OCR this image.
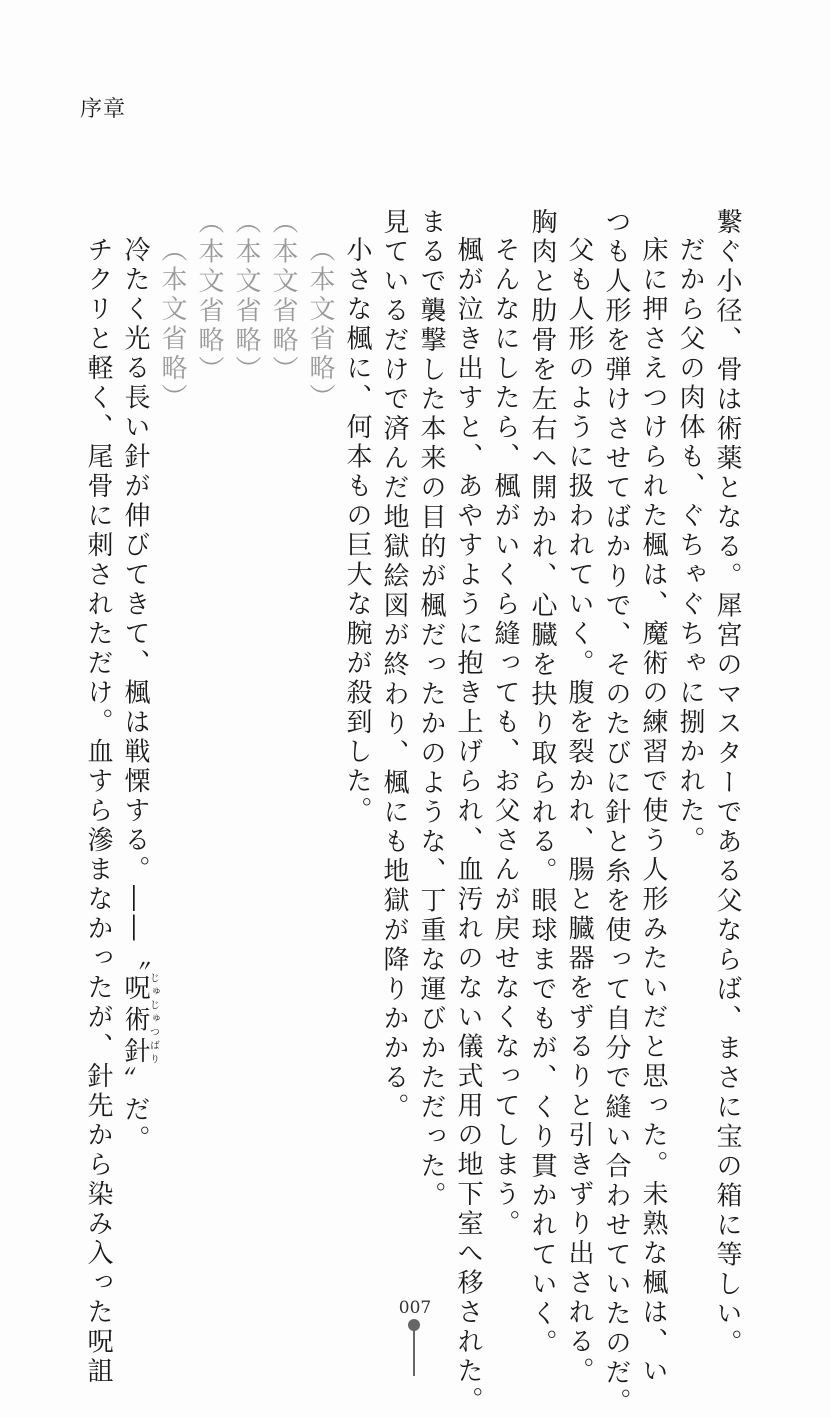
序章
繋ぐ小径、骨は術薬となる。犀宮のマスターである父ならば、まさに宝の箱に等しい。
だから父の肉体も、ぐちゃぐちゃに捌かれた。
床に押さえつけられた楓は、魔術の練習で使う人形みたいだと思った。未熟な楓は、い
つも人形を弾けさせてばかりで、そのたびに針と糸を使って自分で縫い合わせていたのだ。
父も人形のように扱われていく。腹を裂かれ、腸と臓器をずるりと引きずり出される。
胸肉と肋骨を左右へ開かれ、心臓を抉り取られる。眼球までもが、くり貫かれていく。
そんなにしたら、楓がいくら縫っても、お父さんが戻せなくなってしまう。
楓が泣き出すと、あやすように抱き上げられ、血汚れのない儀式用の地下室へ移された。
まるで襲撃した本来の目的が楓だったかのような、丁重な運びかただった。
見ているだけで済んだ地獄絵図が終わり、楓にも地獄が降りかかる。
小さな楓に、何本もの巨大な腕が殺到した。
（本文省略）
（本文省略）
（本文省略）
（本文省略）
（本文省略）
冷たく光る長い針が伸びてきて、楓は戦慄する。――〝呪術針じゅじゅつばり〟だ。
チクリと軽く、尾骨に刺されただけ。血すら滲まなかったが、針先から染み入った呪詛	007
